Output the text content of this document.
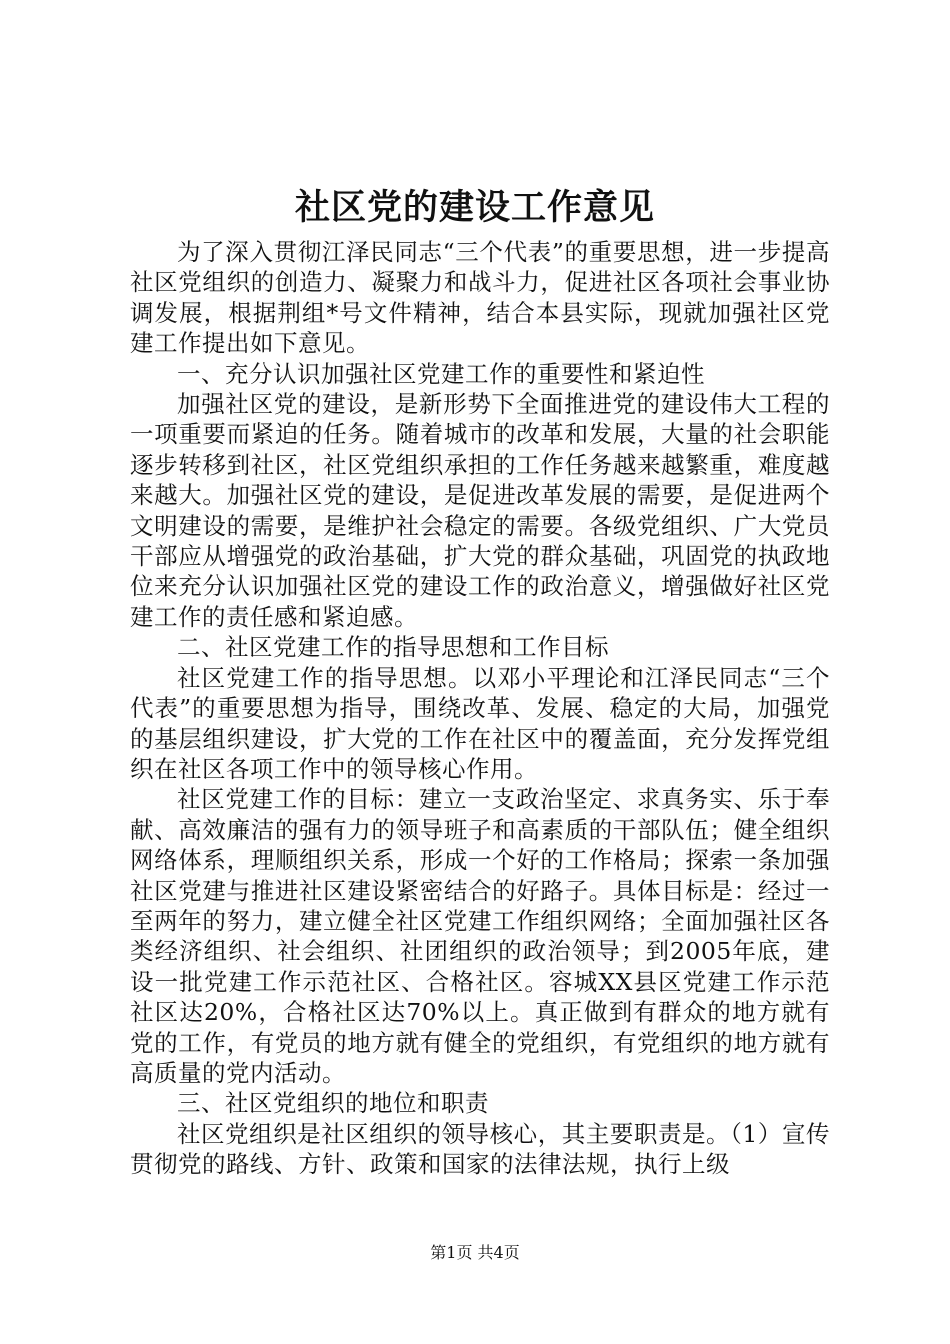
社区党的建设工作意见

为了深入贯彻江泽民同志“三个代表”的重要思想，进一步提高社区党组织的创造力、凝聚力和战斗力，促进社区各项社会事业协调发展，根据荆组*号文件精神，结合本县实际，现就加强社区党建工作提出如下意见。

一、充分认识加强社区党建工作的重要性和紧迫性

加强社区党的建设，是新形势下全面推进党的建设伟大工程的一项重要而紧迫的任务。随着城市的改革和发展，大量的社会职能逐步转移到社区，社区党组织承担的工作任务越来越繁重，难度越来越大。加强社区党的建设，是促进改革发展的需要，是促进两个文明建设的需要，是维护社会稳定的需要。各级党组织、广大党员干部应从增强党的政治基础，扩大党的群众基础，巩固党的执政地位来充分认识加强社区党的建设工作的政治意义，增强做好社区党建工作的责任感和紧迫感。

二、社区党建工作的指导思想和工作目标

社区党建工作的指导思想。以邓小平理论和江泽民同志“三个代表”的重要思想为指导，围绕改革、发展、稳定的大局，加强党的基层组织建设，扩大党的工作在社区中的覆盖面，充分发挥党组织在社区各项工作中的领导核心作用。

社区党建工作的目标：建立一支政治坚定、求真务实、乐于奉献、高效廉洁的强有力的领导班子和高素质的干部队伍；健全组织网络体系，理顺组织关系，形成一个好的工作格局；探索一条加强社区党建与推进社区建设紧密结合的好路子。具体目标是：经过一至两年的努力，建立健全社区党建工作组织网络；全面加强社区各类经济组织、社会组织、社团组织的政治领导；到2005年底，建设一批党建工作示范社区、合格社区。容城XX县区党建工作示范社区达20%，合格社区达70%以上。真正做到有群众的地方就有党的工作，有党员的地方就有健全的党组织，有党组织的地方就有高质量的党内活动。

三、社区党组织的地位和职责

社区党组织是社区组织的领导核心，其主要职责是。（1）宣传贯彻党的路线、方针、政策和国家的法律法规，执行上级

第1页 共4页
